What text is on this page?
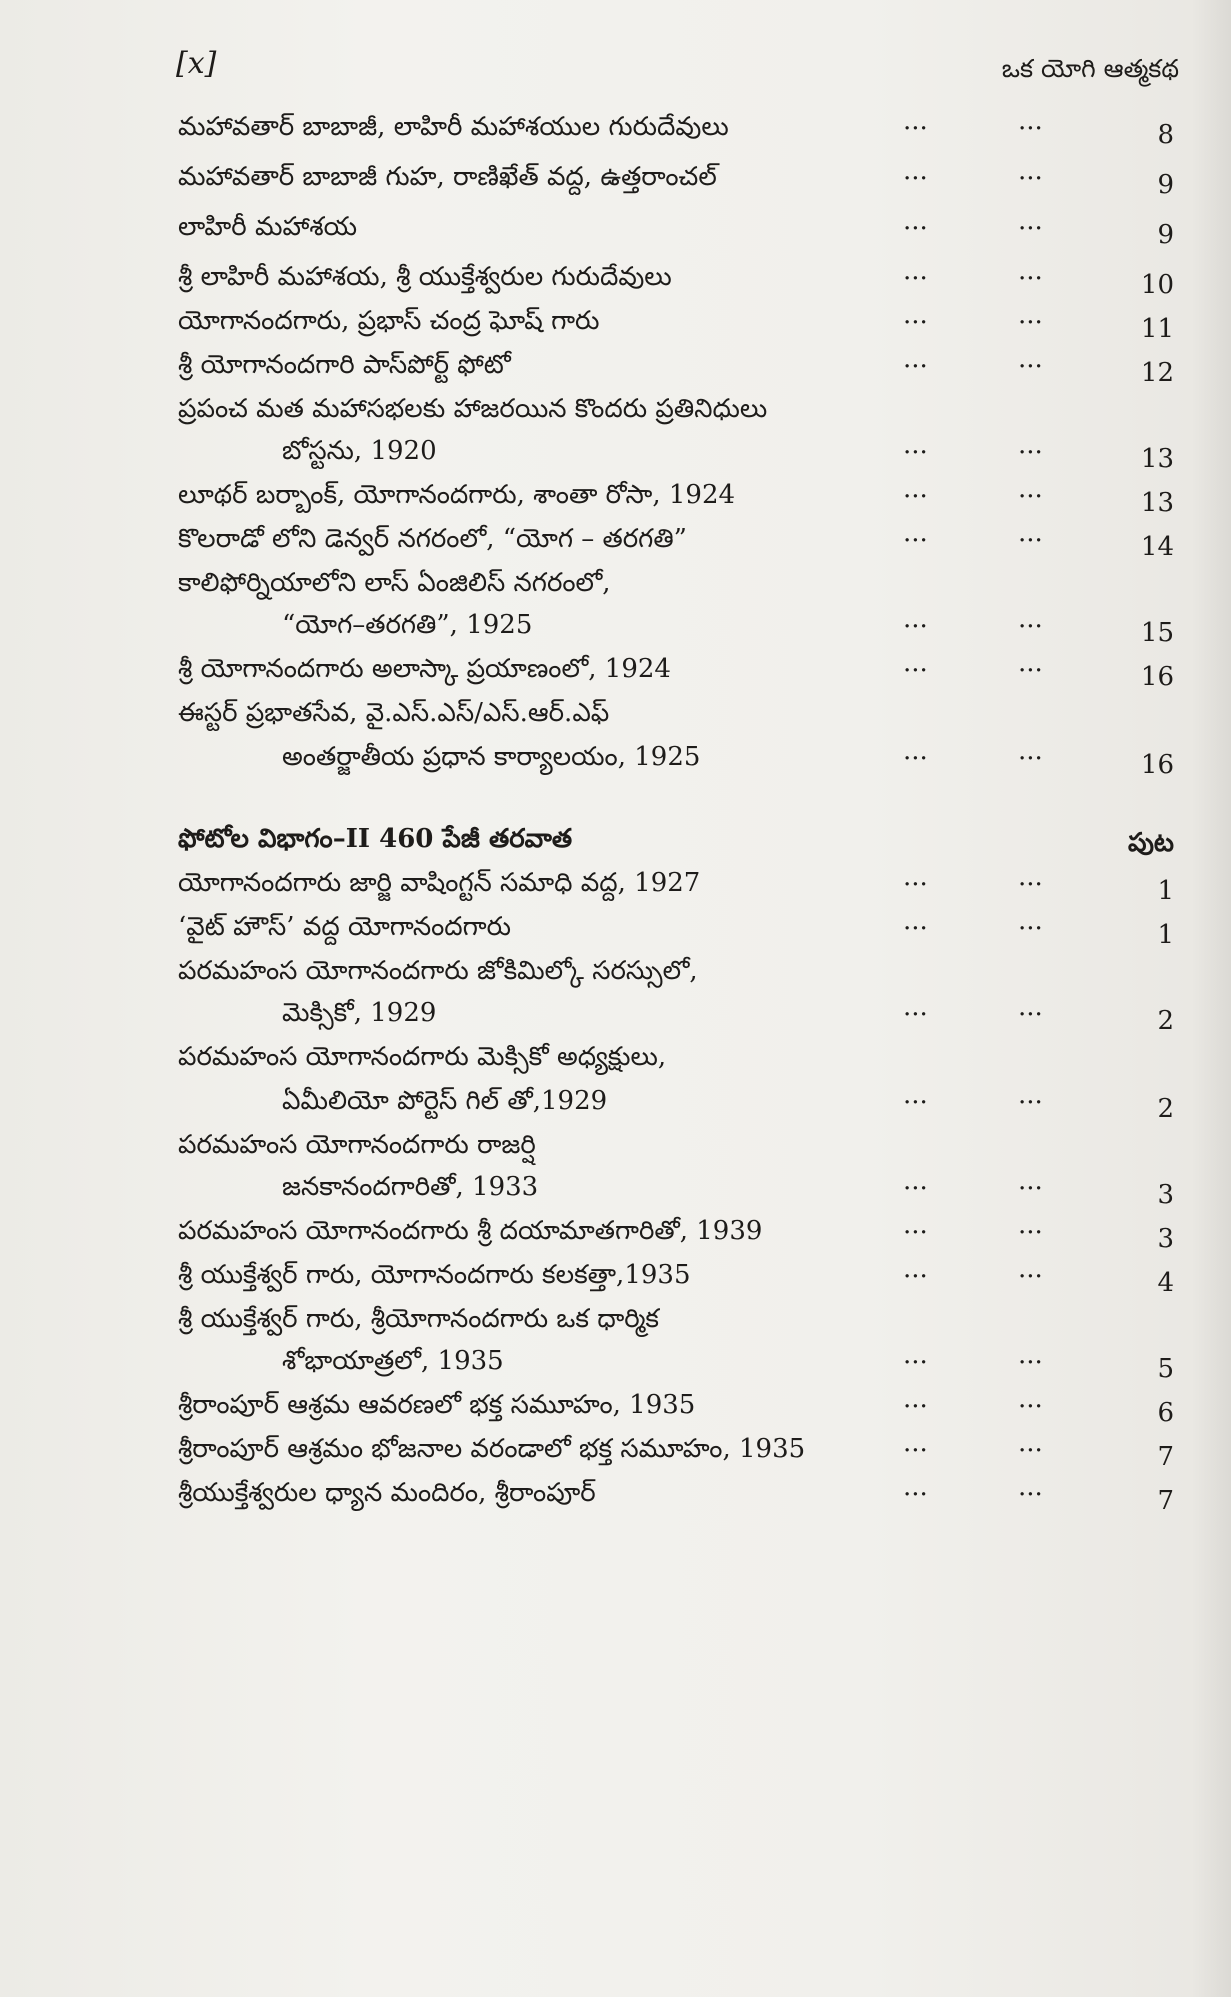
[x]	ఒక యోగి ఆత్మకథ
మహావతార్ బాబాజీ, లాహిరీ మహాశయుల గురుదేవులు	...	...	8
మహావతార్ బాబాజీ గుహ, రాణిఖేత్ వద్ద, ఉత్తరాంచల్	...	...	9
లాహిరీ మహాశయ	...	...	9
శ్రీ లాహిరీ మహాశయ, శ్రీ యుక్తేశ్వరుల గురుదేవులు	...	...	10
యోగానందగారు, ప్రభాస్ చంద్ర ఘోష్ గారు	...	...	11
శ్రీ యోగానందగారి పాస్‌పోర్ట్ ఫోటో	...	...	12
ప్రపంచ మత మహాసభలకు హాజరయిన కొందరు ప్రతినిధులు
బోస్టను, 1920	...	...	13
లూథర్ బర్బాంక్, యోగానందగారు, శాంతా రోసా, 1924	...	...	13
కొలరాడో లోని డెన్వర్ నగరంలో, “యోగ – తరగతి”	...	...	14
కాలిఫోర్నియాలోని లాస్ ఏంజిలిస్ నగరంలో,
“యోగ–తరగతి”, 1925	...	...	15
శ్రీ యోగానందగారు అలాస్కా ప్రయాణంలో, 1924	...	...	16
ఈస్టర్ ప్రభాతసేవ, వై.ఎస్.ఎస్/ఎస్.ఆర్.ఎఫ్
అంతర్జాతీయ ప్రధాన కార్యాలయం, 1925	...	...	16
ఫోటోల విభాగం–II 460 పేజీ తరవాత	పుట
యోగానందగారు జార్జి వాషింగ్టన్ సమాధి వద్ద, 1927	...	...	1
‘వైట్ హౌస్’ వద్ద యోగానందగారు	...	...	1
పరమహంస యోగానందగారు జోకిమిల్కో సరస్సులో,
మెక్సికో, 1929	...	...	2
పరమహంస యోగానందగారు మెక్సికో అధ్యక్షులు,
ఏమీలియో పోర్టెస్ గిల్ తో,1929	...	...	2
పరమహంస యోగానందగారు రాజర్షి
జనకానందగారితో, 1933	...	...	3
పరమహంస యోగానందగారు శ్రీ దయామాతగారితో, 1939	...	...	3
శ్రీ యుక్తేశ్వర్ గారు, యోగానందగారు కలకత్తా,1935	...	...	4
శ్రీ యుక్తేశ్వర్ గారు, శ్రీయోగానందగారు ఒక ధార్మిక
శోభాయాత్రలో, 1935	...	...	5
శ్రీరాంపూర్ ఆశ్రమ ఆవరణలో భక్త సమూహం, 1935	...	...	6
శ్రీరాంపూర్ ఆశ్రమం భోజనాల వరండాలో భక్త సమూహం, 1935	...	...	7
శ్రీయుక్తేశ్వరుల ధ్యాన మందిరం, శ్రీరాంపూర్	...	...	7
